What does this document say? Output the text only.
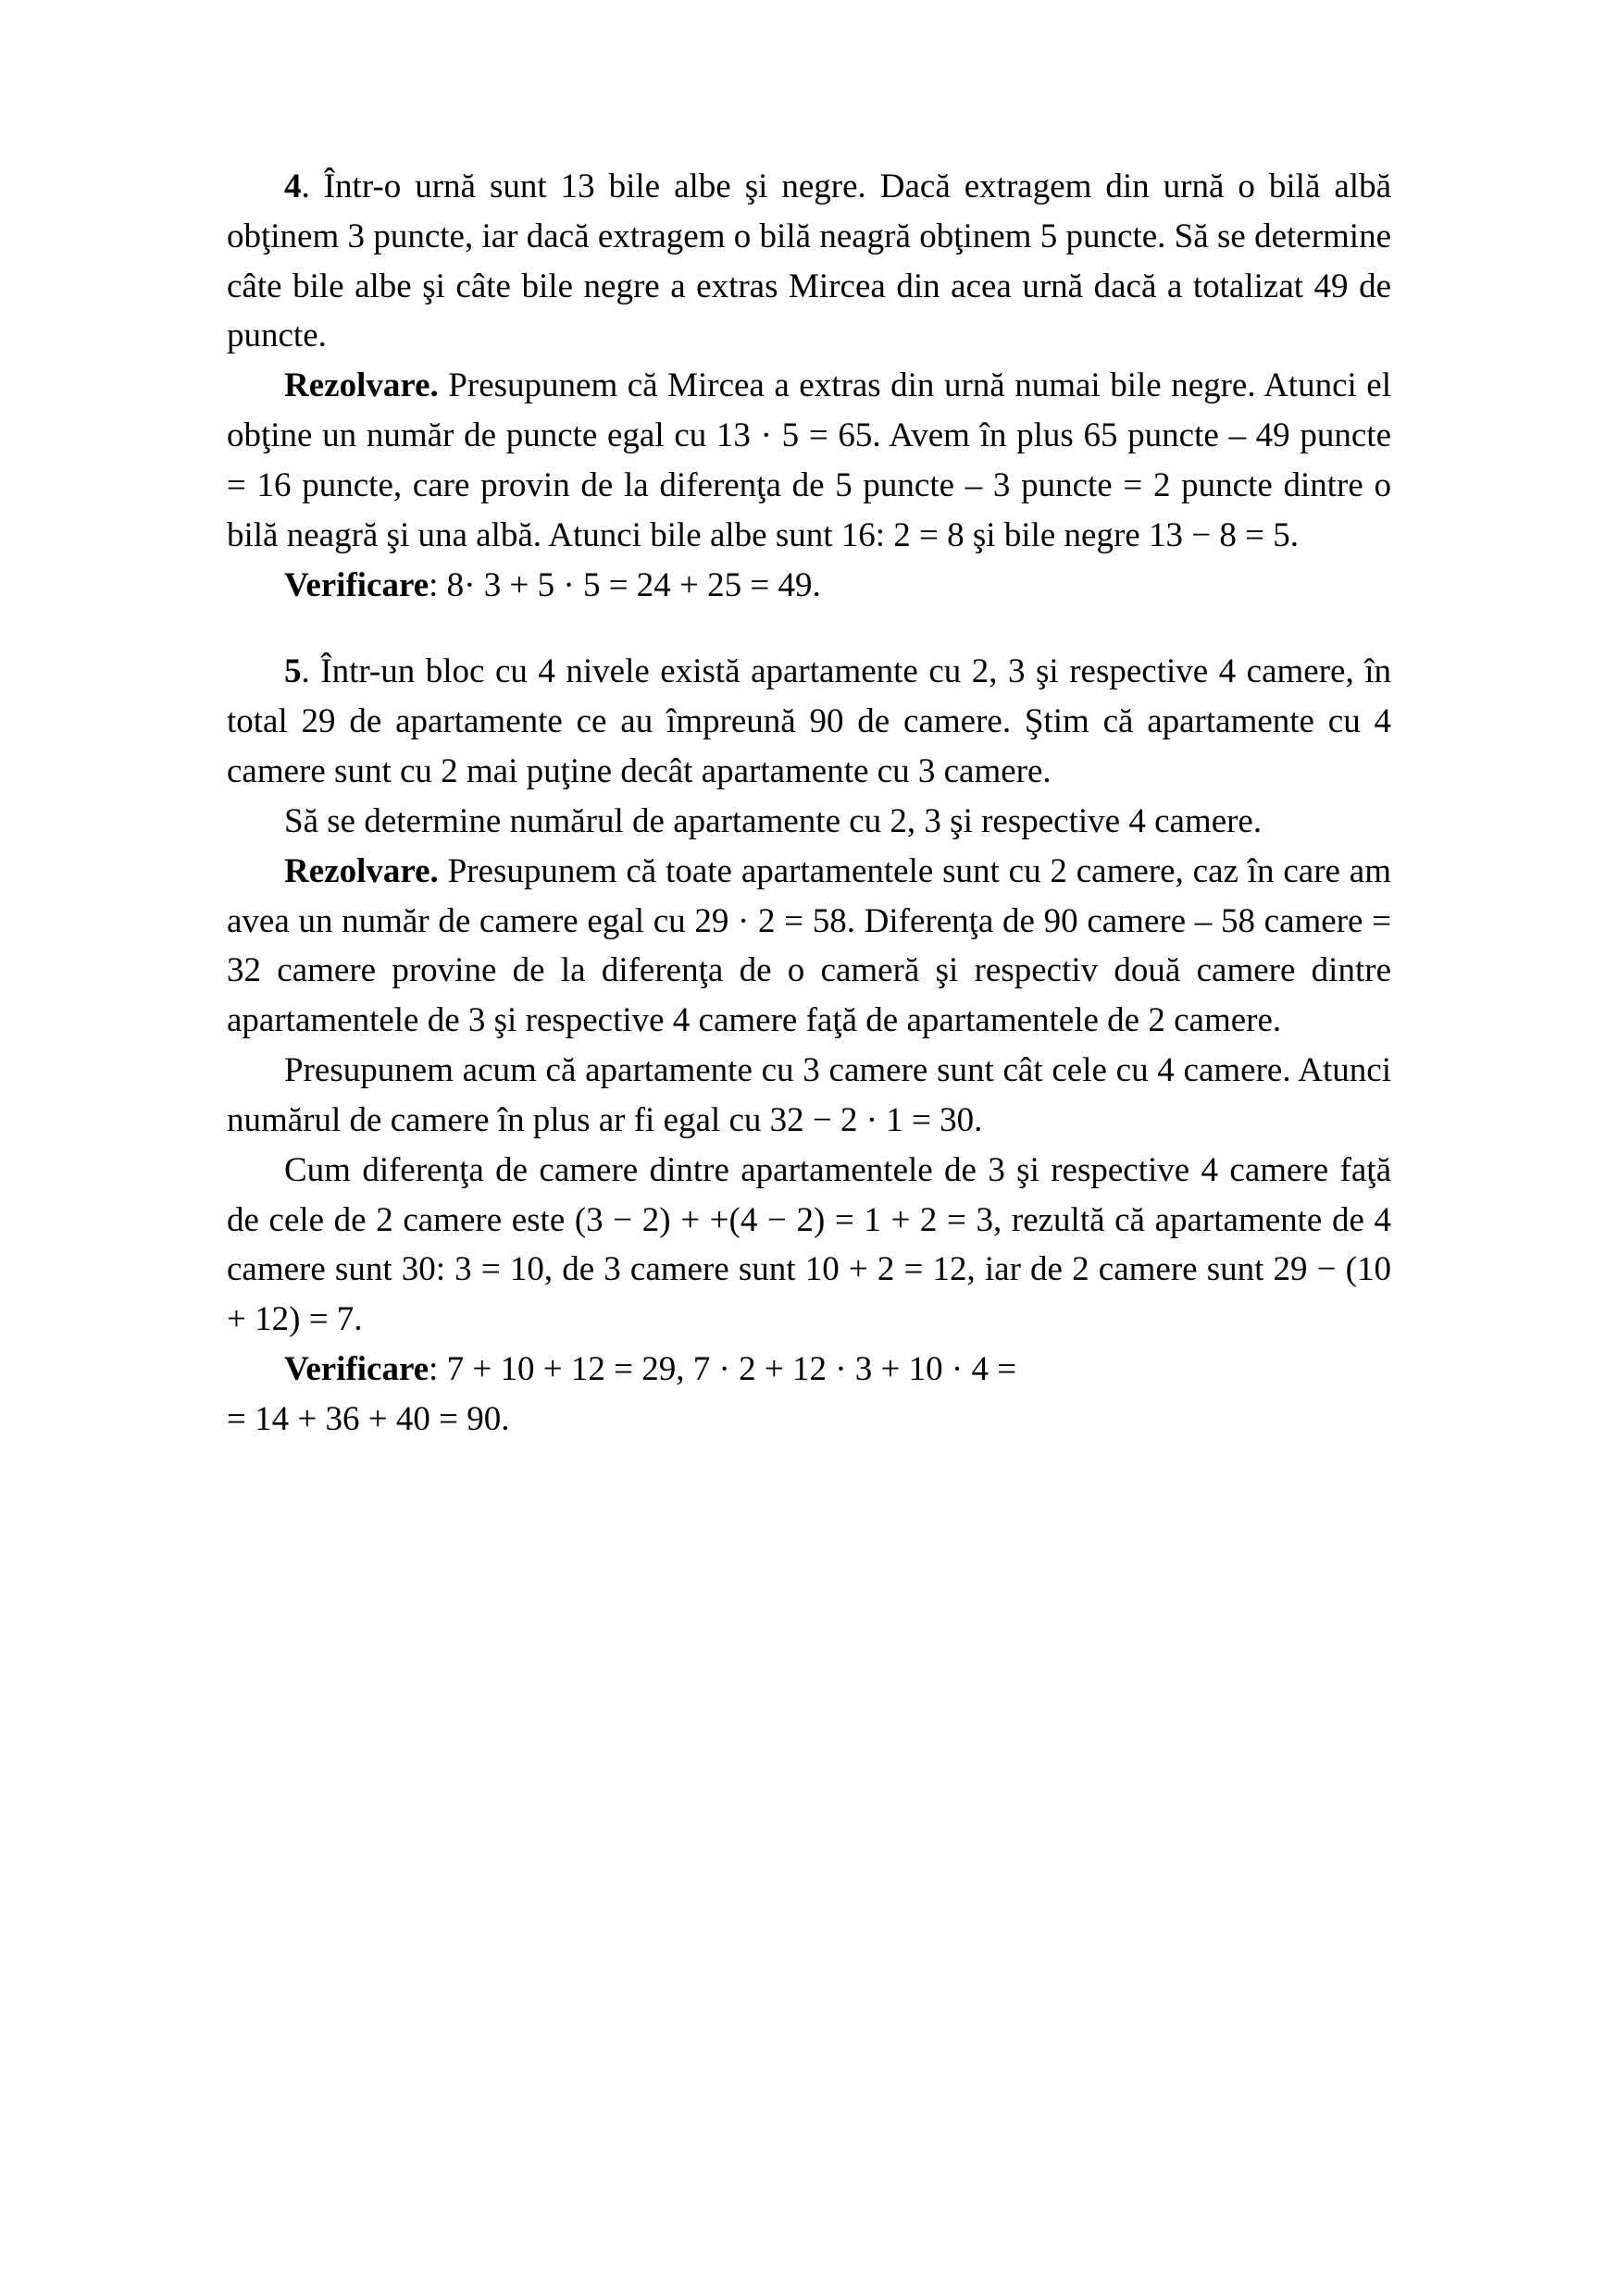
4. Într-o urnă sunt 13 bile albe şi negre. Dacă extragem din urnă o bilă albă obţinem 3 puncte, iar dacă extragem o bilă neagră obţinem 5 puncte. Să se determine câte bile albe şi câte bile negre a extras Mircea din acea urnă dacă a totalizat 49 de puncte.

Rezolvare. Presupunem că Mircea a extras din urnă numai bile negre. Atunci el obţine un număr de puncte egal cu 13 · 5 = 65. Avem în plus 65 puncte – 49 puncte = 16 puncte, care provin de la diferenţa de 5 puncte – 3 puncte = 2 puncte dintre o bilă neagră şi una albă. Atunci bile albe sunt 16: 2 = 8 şi bile negre 13 − 8 = 5.

Verificare: 8· 3 + 5 · 5 = 24 + 25 = 49.

5. Într-un bloc cu 4 nivele există apartamente cu 2, 3 şi respective 4 camere, în total 29 de apartamente ce au împreună 90 de camere. Ştim că apartamente cu 4 camere sunt cu 2 mai puţine decât apartamente cu 3 camere.

Să se determine numărul de apartamente cu 2, 3 şi respective 4 camere.

Rezolvare. Presupunem că toate apartamentele sunt cu 2 camere, caz în care am avea un număr de camere egal cu 29 · 2 = 58. Diferenţa de 90 camere – 58 camere = 32 camere provine de la diferenţa de o cameră şi respectiv două camere dintre apartamentele de 3 şi respective 4 camere faţă de apartamentele de 2 camere.

Presupunem acum că apartamente cu 3 camere sunt cât cele cu 4 camere. Atunci numărul de camere în plus ar fi egal cu 32 − 2 · 1 = 30.

Cum diferenţa de camere dintre apartamentele de 3 şi respective 4 camere faţă de cele de 2 camere este (3 − 2) + +(4 − 2) = 1 + 2 = 3, rezultă că apartamente de 4 camere sunt 30: 3 = 10, de 3 camere sunt 10 + 2 = 12, iar de 2 camere sunt 29 − (10 + 12) = 7.

Verificare: 7 + 10 + 12 = 29, 7 · 2 + 12 · 3 + 10 · 4 =

= 14 + 36 + 40 = 90.
